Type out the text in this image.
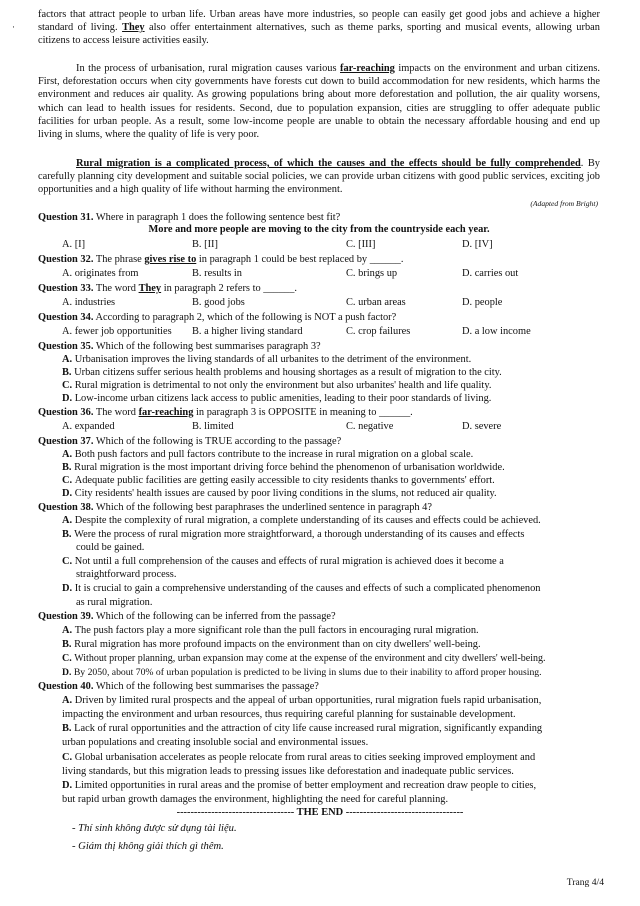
·

factors that attract people to urban life. Urban areas have more industries, so people can easily get good jobs and achieve a higher standard of living. They also offer entertainment alternatives, such as theme parks, sporting and musical events, allowing urban citizens to access leisure activities easily.

In the process of urbanisation, rural migration causes various far-reaching impacts on the environment and urban citizens. First, deforestation occurs when city governments have forests cut down to build accommodation for new residents, which harms the environment and reduces air quality. As growing populations bring about more deforestation and pollution, the air quality worsens, which can lead to health issues for residents. Second, due to population expansion, cities are struggling to offer adequate public facilities for urban people. As a result, some low-income people are unable to obtain the necessary affordable housing and end up living in slums, where the quality of life is very poor.

Rural migration is a complicated process, of which the causes and the effects should be fully comprehended. By carefully planning city development and suitable social policies, we can provide urban citizens with good public services, exciting job opportunities and a high quality of life without harming the environment.

(Adapted from Bright)
Question 31. Where in paragraph 1 does the following sentence best fit?
More and more people are moving to the city from the countryside each year.
A. [I]	B. [II]	C. [III]	D. [IV]
Question 32. The phrase gives rise to in paragraph 1 could be best replaced by ______.
A. originates from	B. results in	C. brings up	D. carries out
Question 33. The word They in paragraph 2 refers to ______.
A. industries	B. good jobs	C. urban areas	D. people
Question 34. According to paragraph 2, which of the following is NOT a push factor?
A. fewer job opportunities B. a higher living standard	C. crop failures	D. a low income
Question 35. Which of the following best summarises paragraph 3?
A. Urbanisation improves the living standards of all urbanites to the detriment of the environment.
B. Urban citizens suffer serious health problems and housing shortages as a result of migration to the city.
C. Rural migration is detrimental to not only the environment but also urbanites' health and life quality.
D. Low-income urban citizens lack access to public amenities, leading to their poor standards of living.
Question 36. The word far-reaching in paragraph 3 is OPPOSITE in meaning to ______.
A. expanded	B. limited	C. negative	D. severe
Question 37. Which of the following is TRUE according to the passage?
A. Both push factors and pull factors contribute to the increase in rural migration on a global scale.
B. Rural migration is the most important driving force behind the phenomenon of urbanisation worldwide.
C. Adequate public facilities are getting easily accessible to city residents thanks to governments' effort.
D. City residents' health issues are caused by poor living conditions in the slums, not reduced air quality.
Question 38. Which of the following best paraphrases the underlined sentence in paragraph 4?
A. Despite the complexity of rural migration, a complete understanding of its causes and effects could be achieved.
B. Were the process of rural migration more straightforward, a thorough understanding of its causes and effects
could be gained.
C. Not until a full comprehension of the causes and effects of rural migration is achieved does it become a
straightforward process.
D. It is crucial to gain a comprehensive understanding of the causes and effects of such a complicated phenomenon
as rural migration.
Question 39. Which of the following can be inferred from the passage?
A. The push factors play a more significant role than the pull factors in encouraging rural migration.
B. Rural migration has more profound impacts on the environment than on city dwellers' well-being.
C. Without proper planning, urban expansion may come at the expense of the environment and city dwellers' well-being.
D. By 2050, about 70% of urban population is predicted to be living in slums due to their inability to afford proper housing.
Question 40. Which of the following best summarises the passage?
A. Driven by limited rural prospects and the appeal of urban opportunities, rural migration fuels rapid urbanisation,
impacting the environment and urban resources, thus requiring careful planning for sustainable development.
B. Lack of rural opportunities and the attraction of city life cause increased rural migration, significantly expanding
urban populations and creating insoluble social and environmental issues.
C. Global urbanisation accelerates as people relocate from rural areas to cities seeking improved employment and
living standards, but this migration leads to pressing issues like deforestation and inadequate public services.
D. Limited opportunities in rural areas and the promise of better employment and recreation draw people to cities,
but rapid urban growth damages the environment, highlighting the need for careful planning.
---------------------------------- THE END ----------------------------------
- Thí sinh không được sử dụng tài liệu.
- Giám thị không giải thích gì thêm.
Trang 4/4
